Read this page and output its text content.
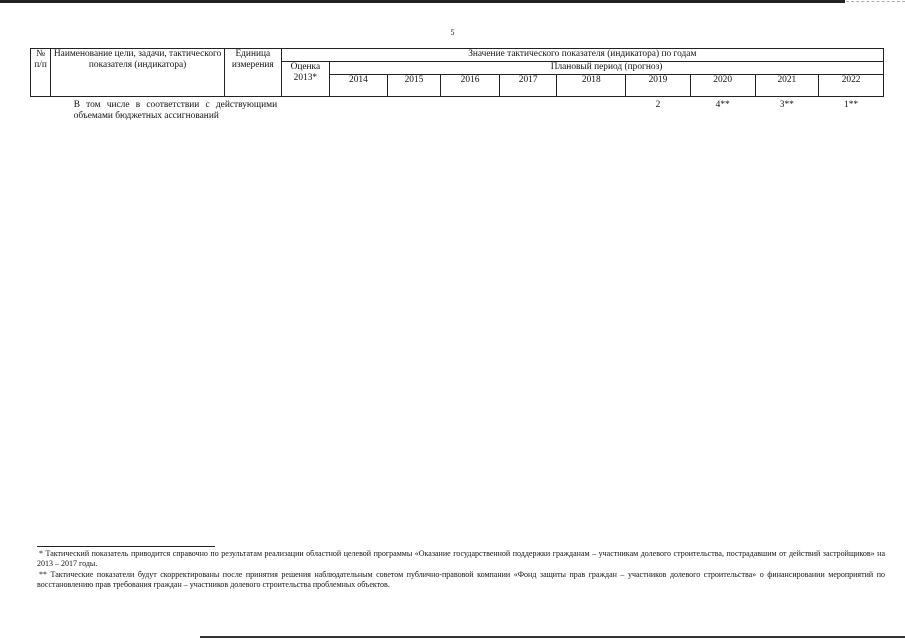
5
№ п/п	Наименование цели, задачи, тактического показателя (индикатора)	Единица измерения	Значение тактического показателя (индикатора) по годам									
			Оценка 2013*	Плановый период (прогноз)								
				2014	2015	2016	2017	2018	2019	2020	2021	2022
	В том числе в соответствии с действующими объемами бюджетных ассигнований								2	4**	3**	1**

* Тактический показатель приводится справочно по результатам реализации областной целевой программы «Оказание государственной поддержки гражданам – участникам долевого строительства, пострадавшим от действий застройщиков» на 2013 – 2017 годы.

** Тактические показатели будут скорректированы после принятия решения наблюдательным советом публично-правовой компании «Фонд защиты прав граждан – участников долевого строительства» о финансировании мероприятий по восстановлению прав требования граждан – участников долевого строительства проблемных объектов.
